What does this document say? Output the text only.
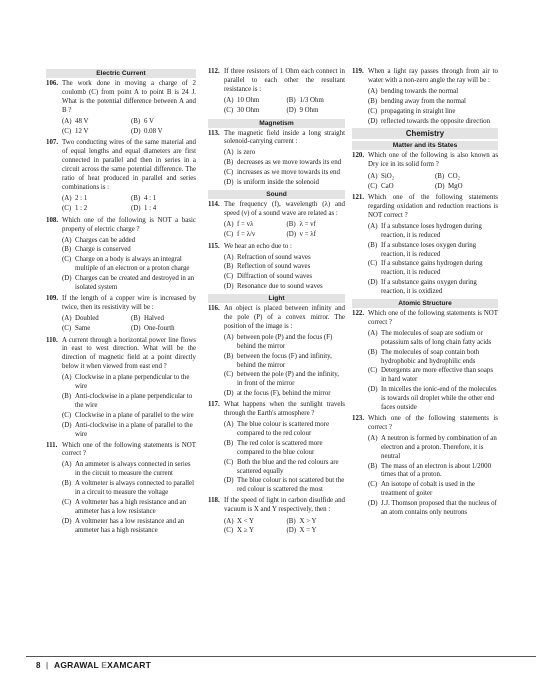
Electric Current
106. The work done in moving a charge of 2 coulomb (C) from point A to point B is 24 J. What is the potential difference between A and B ?
(A) 48 V	(B) 6 V
(C) 12 V	(D) 0.08 V
107. Two conducting wires of the same material and of equal lengths and equal diameters are first connected in parallel and then in series in a circuit across the same potential difference. The ratio of heat produced in parallel and series combinations is :
(A) 2 : 1	(B) 4 : 1
(C) 1 : 2	(D) 1 : 4
108. Which one of the following is NOT a basic property of electric charge ?
(A) Charges can be added
(B) Charge is conserved
(C) Charge on a body is always an integral multiple of an electron or a proton charge
(D) Charges can be created and destroyed in an isolated system
109. If the length of a copper wire is increased by twice, then its resistivity will be :
(A) Doubled	(B) Halved
(C) Same	(D) One-fourth
110. A current through a horizontal power line flows in east to west direction. What will be the direction of magnetic field at a point directly below it when viewed from east end ?
(A) Clockwise in a plane perpendicular to the wire
(B) Anti-clockwise in a plane perpendicular to the wire
(C) Clockwise in a plane of parallel to the wire
(D) Anti-clockwise in a plane of parallel to the wire
111. Which one of the following statements is NOT correct ?
(A) An ammeter is always connected in series in the circuit to measure the current
(B) A voltmeter is always connected to parallel in a circuit to measure the voltage
(C) A voltmeter has a high resistance and an ammeter has a low resistance
(D) A voltmeter has a low resistance and an ammeter has a high resistance
112. If three resistors of 1 Ohm each connect in parallel to each other the resultant resistance is :
(A) 10 Ohm	(B) 1/3 Ohm
(C) 30 Ohm	(D) 9 Ohm
Magnetism
113. The magnetic field inside a long straight solenoid-carrying current :
(A) is zero
(B) decreases as we move towards its end
(C) increases as we move towards its end
(D) is uniform inside the solenoid
Sound
114. The frequency (f), wavelength (λ) and speed (v) of a sound wave are related as :
(A) f = vλ	(B) λ = vf
(C) f = λ/v	(D) v = λf
115. We hear an echo due to :
(A) Refraction of sound waves
(B) Reflection of sound waves
(C) Diffraction of sound waves
(D) Resonance due to sound waves
Light
116. An object is placed between infinity and the pole (P) of a convex mirror. The position of the image is :
(A) between pole (P) and the focus (F) behind the mirror
(B) between the focus (F) and infinity, behind the mirror
(C) between the pole (P) and the infinity, in front of the mirror
(D) at the focus (F), behind the mirror
117. What happens when the sunlight travels through the Earth's atmosphere ?
(A) The blue colour is scattered more compared to the red colour
(B) The red color is scattered more compared to the blue colour
(C) Both the blue and the red colours are scattered equally
(D) The blue colour is not scattered but the red colour is scattered the most
118. If the speed of light in carbon disulfide and vacuum is X and Y respectively, then :
(A) X < Y	(B) X > Y
(C) X ≥ Y	(D) X = Y
119. When a light ray passes through from air to water with a non-zero angle the ray will be :
(A) bending towards the normal
(B) bending away from the normal
(C) propagating in straight line
(D) reflected towards the opposite direction
Chemistry
Matter and its States
120. Which one of the following is also known as Dry ice in its solid form ?
(A) SiO₂	(B) CO₂
(C) CaO	(D) MgO
121. Which one of the following statements regarding oxidation and reduction reactions is NOT correct ?
(A) If a substance loses hydrogen during reaction, it is reduced
(B) If a substance loses oxygen during reaction, it is reduced
(C) If a substance gains hydrogen during reaction, it is reduced
(D) If a substance gains oxygen during reaction, it is oxidized
Atomic Structure
122. Which one of the following statements is NOT correct ?
(A) The molecules of soap are sodium or potassium salts of long chain fatty acids
(B) The molecules of soap contain both hydrophobic and hydrophilic ends
(C) Detergents are more effective than soaps in hard water
(D) In micelles the ionic-end of the molecules is towards oil droplet while the other end faces outside
123. Which one of the following statements is correct ?
(A) A neutron is formed by combination of an electron and a proton. Therefore, it is neutral
(B) The mass of an electron is about 1/2000 times that of a proton.
(C) An isotope of cobalt is used in the treatment of goiter
(D) J.J. Thomson proposed that the nucleus of an atom contains only neutrons
8 | AGRAWAL EXAMCART
